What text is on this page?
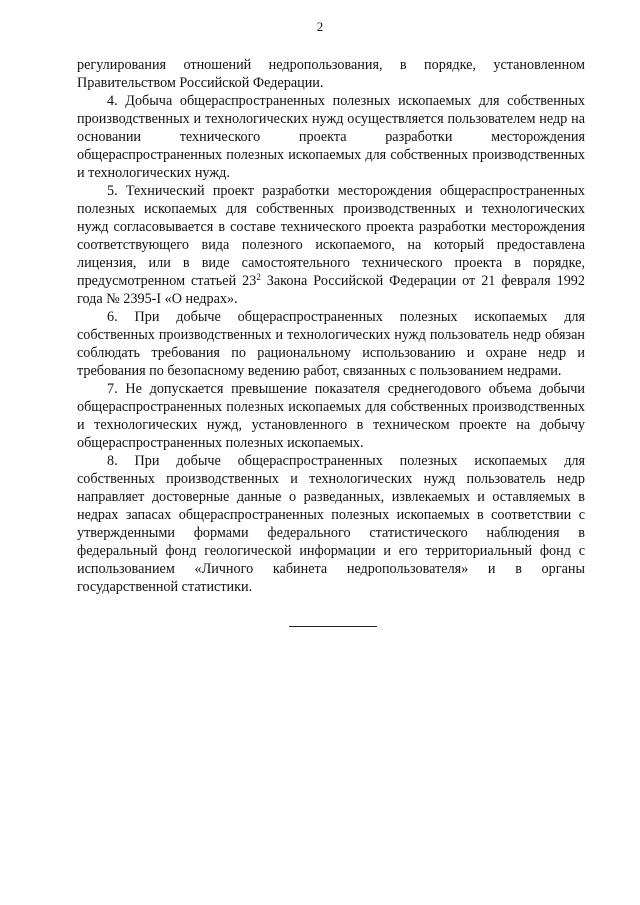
2

регулирования отношений недропользования, в порядке, установленном Правительством Российской Федерации.

4. Добыча общераспространенных полезных ископаемых для собственных производственных и технологических нужд осуществляется пользователем недр на основании технического проекта разработки месторождения общераспространенных полезных ископаемых для собственных производственных и технологических нужд.

5. Технический проект разработки месторождения общераспространенных полезных ископаемых для собственных производственных и технологических нужд согласовывается в составе технического проекта разработки месторождения соответствующего вида полезного ископаемого, на который предоставлена лицензия, или в виде самостоятельного технического проекта в порядке, предусмотренном статьей $23^2$ Закона Российской Федерации от 21 февраля 1992 года № 2395-I «О недрах».

6. При добыче общераспространенных полезных ископаемых для собственных производственных и технологических нужд пользователь недр обязан соблюдать требования по рациональному использованию и охране недр и требования по безопасному ведению работ, связанных с пользованием недрами.

7. Не допускается превышение показателя среднегодового объема добычи общераспространенных полезных ископаемых для собственных производственных и технологических нужд, установленного в техническом проекте на добычу общераспространенных полезных ископаемых.

8. При добыче общераспространенных полезных ископаемых для собственных производственных и технологических нужд пользователь недр направляет достоверные данные о разведанных, извлекаемых и оставляемых в недрах запасах общераспространенных полезных ископаемых в соответствии с утвержденными формами федерального статистического наблюдения в федеральный фонд геологической информации и его территориальный фонд с использованием «Личного кабинета недропользователя» и в органы государственной статистики.
